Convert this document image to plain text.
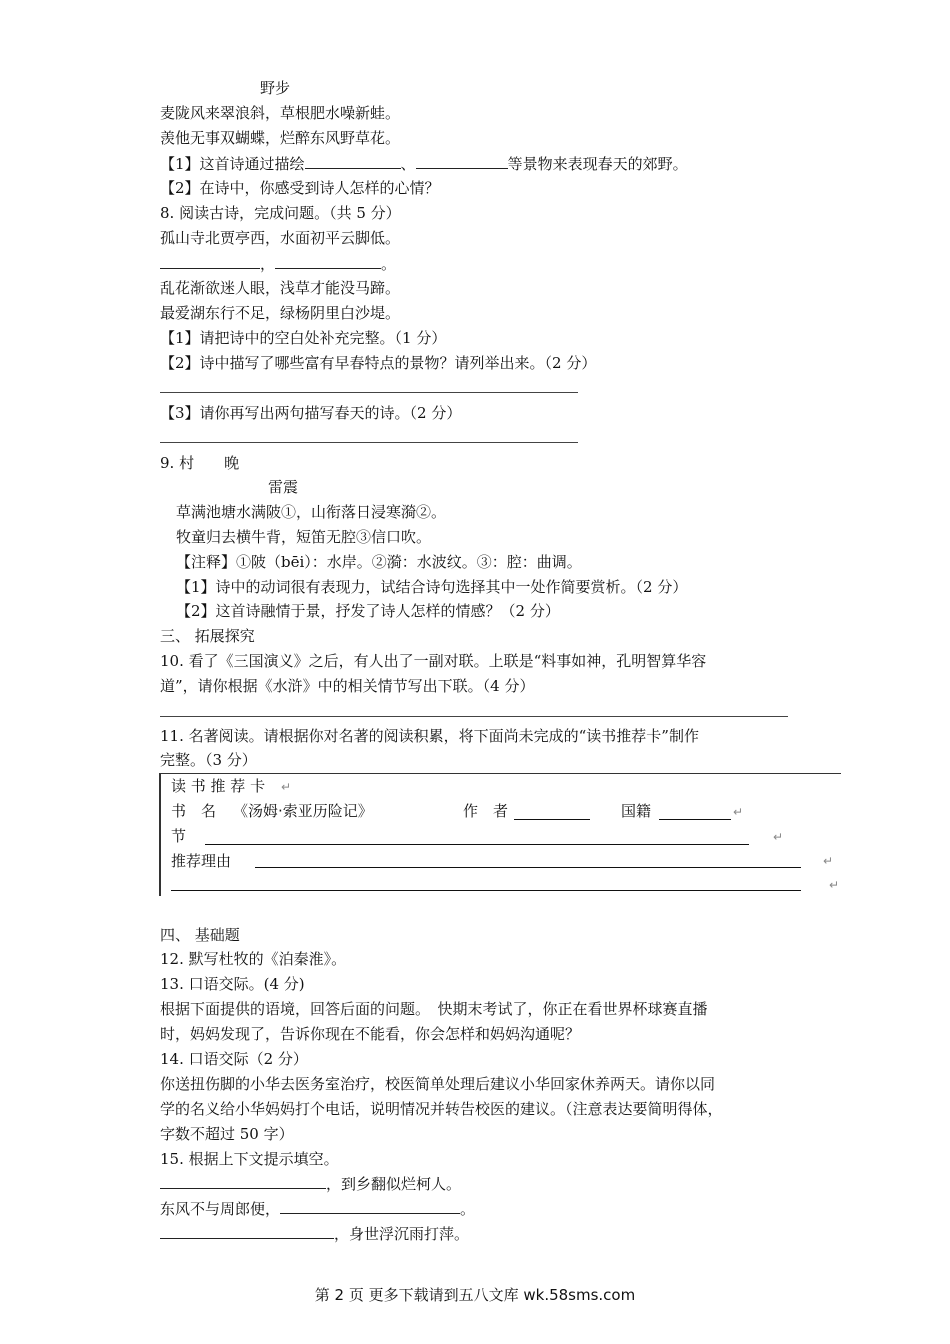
野步
麦陇风来翠浪斜，草根肥水噪新蛙。
羡他无事双蝴蝶，烂醉东风野草花。
【1】这首诗通过描绘	、	等景物来表现春天的郊野。
【2】在诗中，你感受到诗人怎样的心情？
8. 阅读古诗，完成问题。（共 5 分）
孤山寺北贾亭西，水面初平云脚低。
，	。
乱花渐欲迷人眼，浅草才能没马蹄。
最爱湖东行不足，绿杨阴里白沙堤。
【1】请把诗中的空白处补充完整。（1 分）
【2】诗中描写了哪些富有早春特点的景物？请列举出来。（2 分）
【3】请你再写出两句描写春天的诗。（2 分）
9. 村　　晚
雷震
草满池塘水满陂①，山衔落日浸寒漪②。
牧童归去横牛背，短笛无腔③信口吹。
【注释】①陂（bēi）：水岸。②漪：水波纹。③：腔：曲调。
【1】诗中的动词很有表现力，试结合诗句选择其中一处作简要赏析。（2 分）
【2】这首诗融情于景，抒发了诗人怎样的情感？（2 分）
三、 拓展探究
10. 看了《三国演义》之后，有人出了一副对联。上联是“料事如神，孔明智算华容
道”，请你根据《水浒》中的相关情节写出下联。（4 分）
11. 名著阅读。请根据你对名著的阅读积累，将下面尚未完成的“读书推荐卡”制作
完整。（3 分）
读 书 推 荐 卡 ↵
书　名 《汤姆·索亚历险记》	作　者	国籍	↵
节	↵
推荐理由	↵
↵
四、 基础题
12. 默写杜牧的《泊秦淮》。
13. 口语交际。(4 分)
根据下面提供的语境，回答后面的问题。　快期末考试了，你正在看世界杯球赛直播
时，妈妈发现了，告诉你现在不能看，你会怎样和妈妈沟通呢？
14. 口语交际（2 分）
你送扭伤脚的小华去医务室治疗，校医简单处理后建议小华回家休养两天。请你以同
学的名义给小华妈妈打个电话，说明情况并转告校医的建议。（注意表达要简明得体，
字数不超过 50 字）
15. 根据上下文提示填空。
，到乡翻似烂柯人。
东风不与周郎便，	。
，身世浮沉雨打萍。
第 2 页 更多下载请到五八文库 wk.58sms.com
